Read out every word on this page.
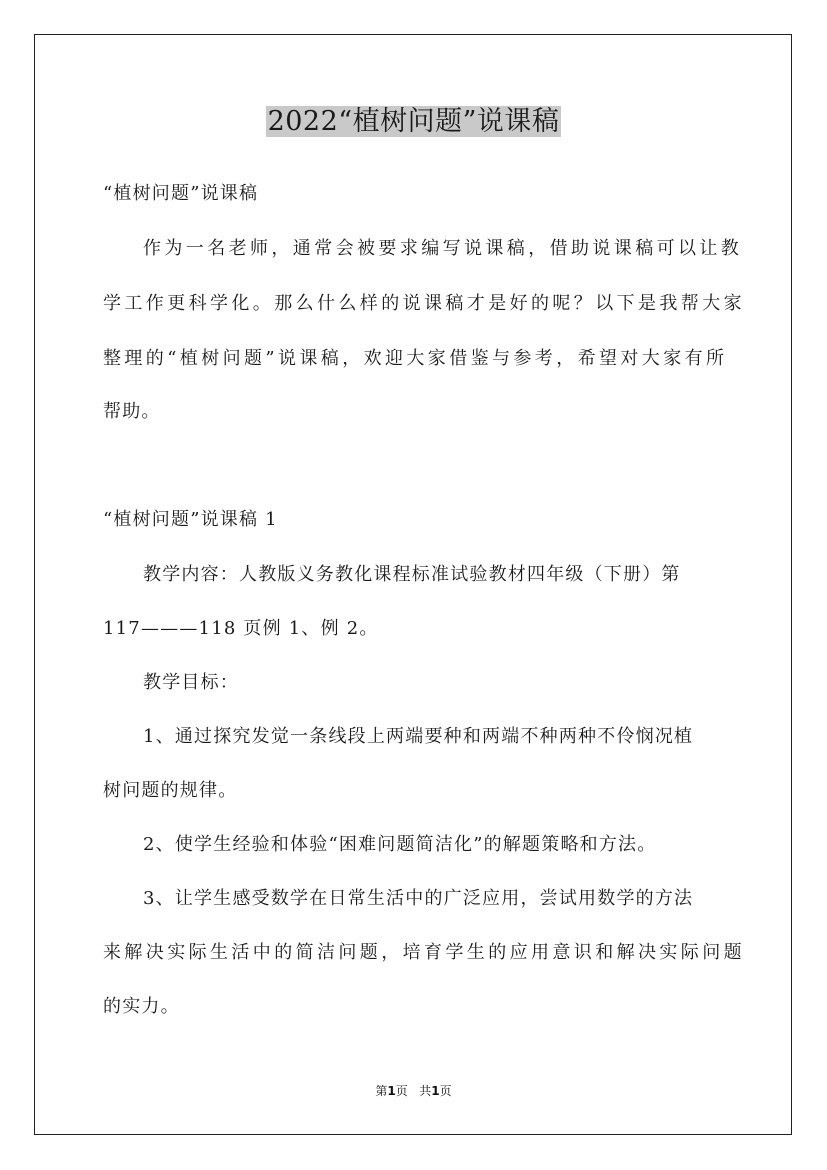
2022“植树问题”说课稿
“植树问题”说课稿
作为一名老师，通常会被要求编写说课稿，借助说课稿可以让教
学工作更科学化。那么什么样的说课稿才是好的呢？以下是我帮大家
整理的“植树问题”说课稿，欢迎大家借鉴与参考，希望对大家有所
帮助。
“植树问题”说课稿 1
教学内容：人教版义务教化课程标准试验教材四年级（下册）第
117———118 页例 1、例 2。
教学目标：
1、通过探究发觉一条线段上两端要种和两端不种两种不伶悯况植
树问题的规律。
2、使学生经验和体验“困难问题简洁化”的解题策略和方法。
3、让学生感受数学在日常生活中的广泛应用，尝试用数学的方法
来解决实际生活中的简洁问题，培育学生的应用意识和解决实际问题
的实力。
第1页 共1页
